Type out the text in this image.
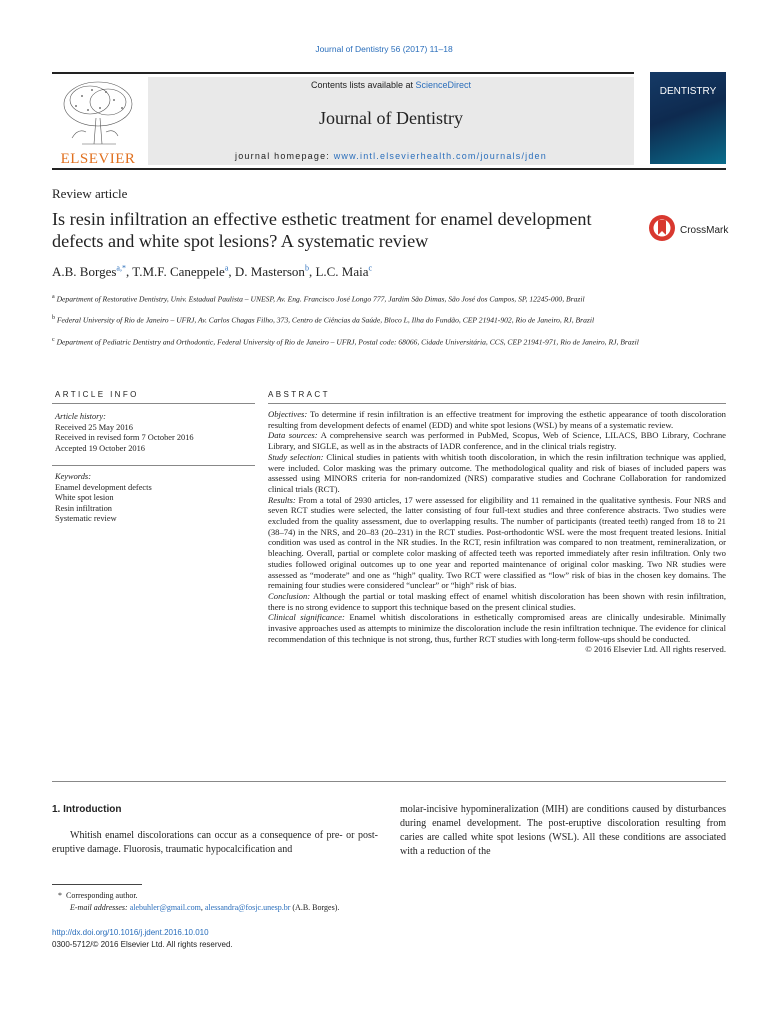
Journal of Dentistry 56 (2017) 11–18
ELSEVIER
Contents lists available at ScienceDirect
Journal of Dentistry
journal homepage: www.intl.elsevierhealth.com/journals/jden
DENTISTRY
Review article
Is resin infiltration an effective esthetic treatment for enamel development defects and white spot lesions? A systematic review
CrossMark
A.B. Borges$^{a,*}$, T.M.F. Caneppele$^a$, D. Masterson$^b$, L.C. Maia$^c$
$^a$ Department of Restorative Dentistry, Univ. Estadual Paulista – UNESP, Av. Eng. Francisco José Longo 777, Jardim São Dimas, São José dos Campos, SP, 12245-000, Brazil
$^b$ Federal University of Rio de Janeiro – UFRJ, Av. Carlos Chagas Filho, 373, Centro de Ciências da Saúde, Bloco L, Ilha do Fundão, CEP 21941-902, Rio de Janeiro, RJ, Brazil
$^c$ Department of Pediatric Dentistry and Orthodontic, Federal University of Rio de Janeiro – UFRJ, Postal code: 68066, Cidade Universitária, CCS, CEP 21941-971, Rio de Janeiro, RJ, Brazil
ARTICLE INFO	ABSTRACT
Article history:
Received 25 May 2016
Received in revised form 7 October 2016
Accepted 19 October 2016
Keywords:
Enamel development defects
White spot lesion
Resin infiltration
Systematic review

Objectives: To determine if resin infiltration is an effective treatment for improving the esthetic appearance of tooth discoloration resulting from development defects of enamel (EDD) and white spot lesions (WSL) by means of a systematic review.

Data sources: A comprehensive search was performed in PubMed, Scopus, Web of Science, LILACS, BBO Library, Cochrane Library, and SIGLE, as well as in the abstracts of IADR conference, and in the clinical trials registry.

Study selection: Clinical studies in patients with whitish tooth discoloration, in which the resin infiltration technique was applied, were included. Color masking was the primary outcome. The methodological quality and risk of biases of included papers was assessed using MINORS criteria for non-randomized (NRS) comparative studies and Cochrane Collaboration for randomized clinical trials (RCT).

Results: From a total of 2930 articles, 17 were assessed for eligibility and 11 remained in the qualitative synthesis. Four NRS and seven RCT studies were selected, the latter consisting of four full-text studies and three conference abstracts. Two studies were excluded from the quality assessment, due to overlapping results. The number of participants (treated teeth) ranged from 18 to 21 (38–74) in the NRS, and 20–83 (20–231) in the RCT studies. Post-orthodontic WSL were the most frequent treated lesions. Initial condition was used as control in the NR studies. In the RCT, resin infiltration was compared to non treatment, remineralization, or bleaching. Overall, partial or complete color masking of affected teeth was reported immediately after resin infiltration. Only two studies followed original outcomes up to one year and reported maintenance of original color masking. Two NR studies were assessed as “moderate” and one as “high” quality. Two RCT were classified as “low” risk of bias in the chosen key domains. The remaining four studies were considered “unclear” or “high” risk of bias.

Conclusion: Although the partial or total masking effect of enamel whitish discoloration has been shown with resin infiltration, there is no strong evidence to support this technique based on the present clinical studies.

Clinical significance: Enamel whitish discolorations in esthetically compromised areas are clinically undesirable. Minimally invasive approaches used as attempts to minimize the discoloration include the resin infiltration technique. The evidence for clinical recommendation of this technique is not strong, thus, further RCT studies with long-term follow-ups should be conducted.

© 2016 Elsevier Ltd. All rights reserved.

1. Introduction
Whitish enamel discolorations can occur as a consequence of pre- or post-eruptive damage. Fluorosis, traumatic hypocalcification and
molar-incisive hypomineralization (MIH) are conditions caused by disturbances during enamel development. The post-eruptive discoloration resulting from caries are called white spot lesions (WSL). All these conditions are associated with a reduction of the
* Corresponding author.
E-mail addresses: alebuhler@gmail.com, alessandra@fosjc.unesp.br (A.B. Borges).
http://dx.doi.org/10.1016/j.jdent.2016.10.010
0300-5712/© 2016 Elsevier Ltd. All rights reserved.
